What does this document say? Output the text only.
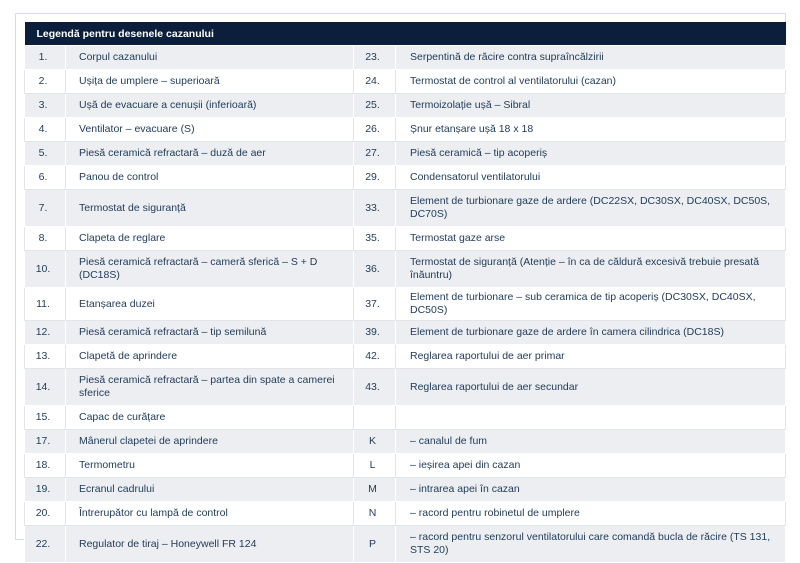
Legendă pentru desenele cazanului			
1.	Corpul cazanului	23.	Serpentină de răcire contra supraîncălzirii
2.	Ușița de umplere – superioară	24.	Termostat de control al ventilatorului (cazan)
3.	Ușă de evacuare a cenușii (inferioară)	25.	Termoizolație ușă – Sibral
4.	Ventilator – evacuare (S)	26.	Șnur etanșare ușă 18 x 18
5.	Piesă ceramică refractară – duză de aer	27.	Piesă ceramică – tip acoperiș
6.	Panou de control	29.	Condensatorul ventilatorului
7.	Termostat de siguranță	33.	Element de turbionare gaze de ardere (DC22SX, DC30SX, DC40SX, DC50S, DC70S)
8.	Clapeta de reglare	35.	Termostat gaze arse
10.	Piesă ceramică refractară – cameră sferică – S + D (DC18S)	36.	Termostat de siguranță (Atenție – în ca de căldură excesivă trebuie presată înăuntru)
11.	Etanșarea duzei	37.	Element de turbionare – sub ceramica de tip acoperiș (DC30SX, DC40SX, DC50S)
12.	Piesă ceramică refractară – tip semilună	39.	Element de turbionare gaze de ardere în camera cilindrica (DC18S)
13.	Clapetă de aprindere	42.	Reglarea raportului de aer primar
14.	Piesă ceramică refractară – partea din spate a camerei sferice	43.	Reglarea raportului de aer secundar
15.	Capac de curățare		
17.	Mânerul clapetei de aprindere	K	– canalul de fum
18.	Termometru	L	– ieșirea apei din cazan
19.	Ecranul cadrului	M	– intrarea apei în cazan
20.	Întrerupător cu lampă de control	N	– racord pentru robinetul de umplere
22.	Regulator de tiraj – Honeywell FR 124	P	– racord pentru senzorul ventilatorului care comandă bucla de răcire (TS 131, STS 20)
